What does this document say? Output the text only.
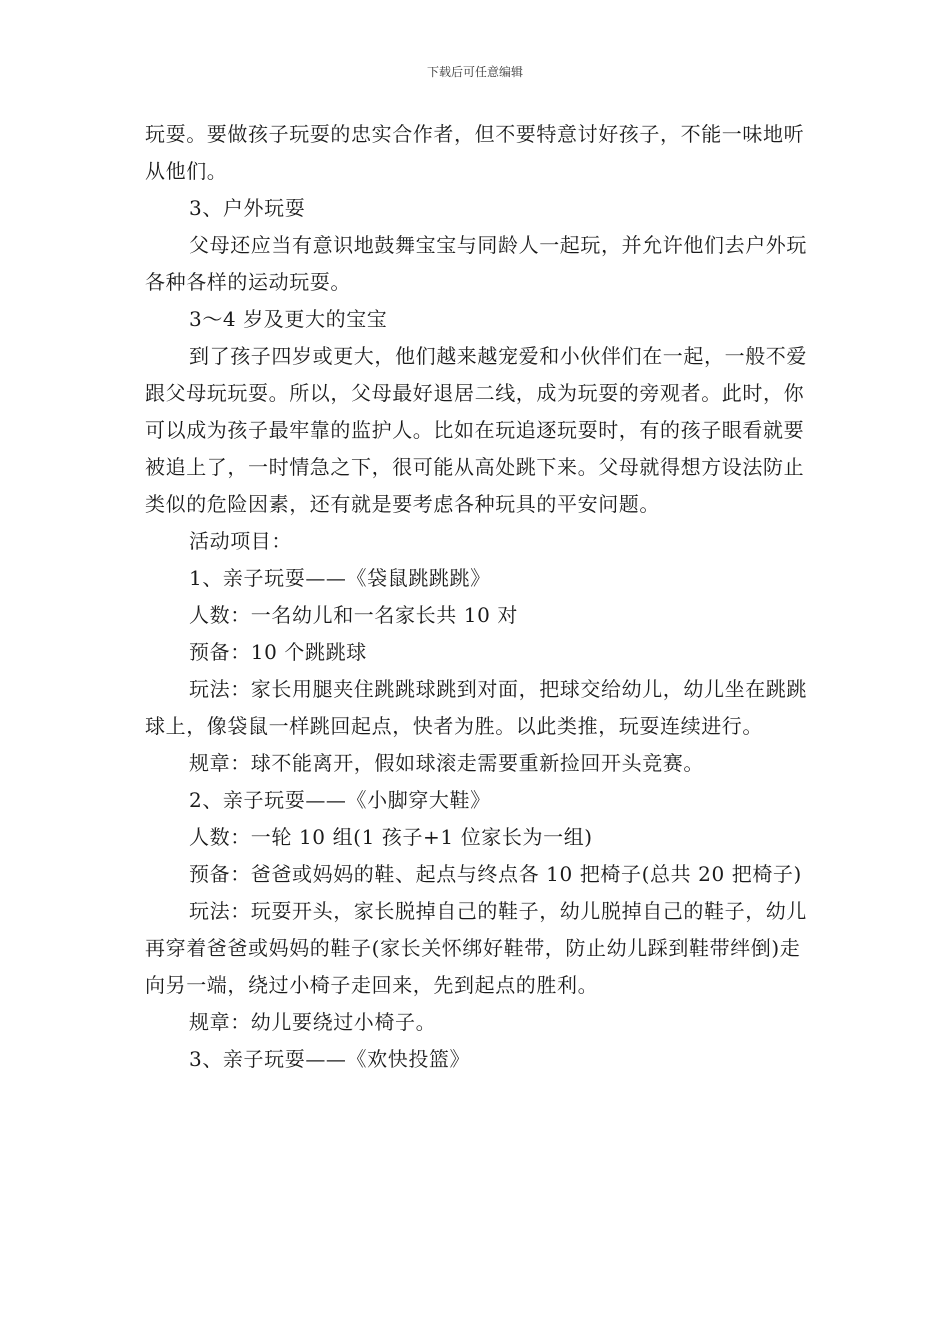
下载后可任意编辑

玩耍。要做孩子玩耍的忠实合作者，但不要特意讨好孩子，不能一味地听从他们。

3、户外玩耍

父母还应当有意识地鼓舞宝宝与同龄人一起玩，并允许他们去户外玩各种各样的运动玩耍。

3～4 岁及更大的宝宝

到了孩子四岁或更大，他们越来越宠爱和小伙伴们在一起，一般不爱跟父母玩玩耍。所以，父母最好退居二线，成为玩耍的旁观者。此时，你可以成为孩子最牢靠的监护人。比如在玩追逐玩耍时，有的孩子眼看就要被追上了，一时情急之下，很可能从高处跳下来。父母就得想方设法防止类似的危险因素，还有就是要考虑各种玩具的平安问题。

活动项目：

1、亲子玩耍——《袋鼠跳跳跳》

人数：一名幼儿和一名家长共 10 对

预备：10 个跳跳球

玩法：家长用腿夹住跳跳球跳到对面，把球交给幼儿，幼儿坐在跳跳球上，像袋鼠一样跳回起点，快者为胜。以此类推，玩耍连续进行。

规章：球不能离开，假如球滚走需要重新捡回开头竞赛。

2、亲子玩耍——《小脚穿大鞋》

人数：一轮 10 组(1 孩子+1 位家长为一组)

预备：爸爸或妈妈的鞋、起点与终点各 10 把椅子(总共 20 把椅子)

玩法：玩耍开头，家长脱掉自己的鞋子，幼儿脱掉自己的鞋子，幼儿再穿着爸爸或妈妈的鞋子(家长关怀绑好鞋带，防止幼儿踩到鞋带绊倒)走向另一端，绕过小椅子走回来，先到起点的胜利。

规章：幼儿要绕过小椅子。

3、亲子玩耍——《欢快投篮》
